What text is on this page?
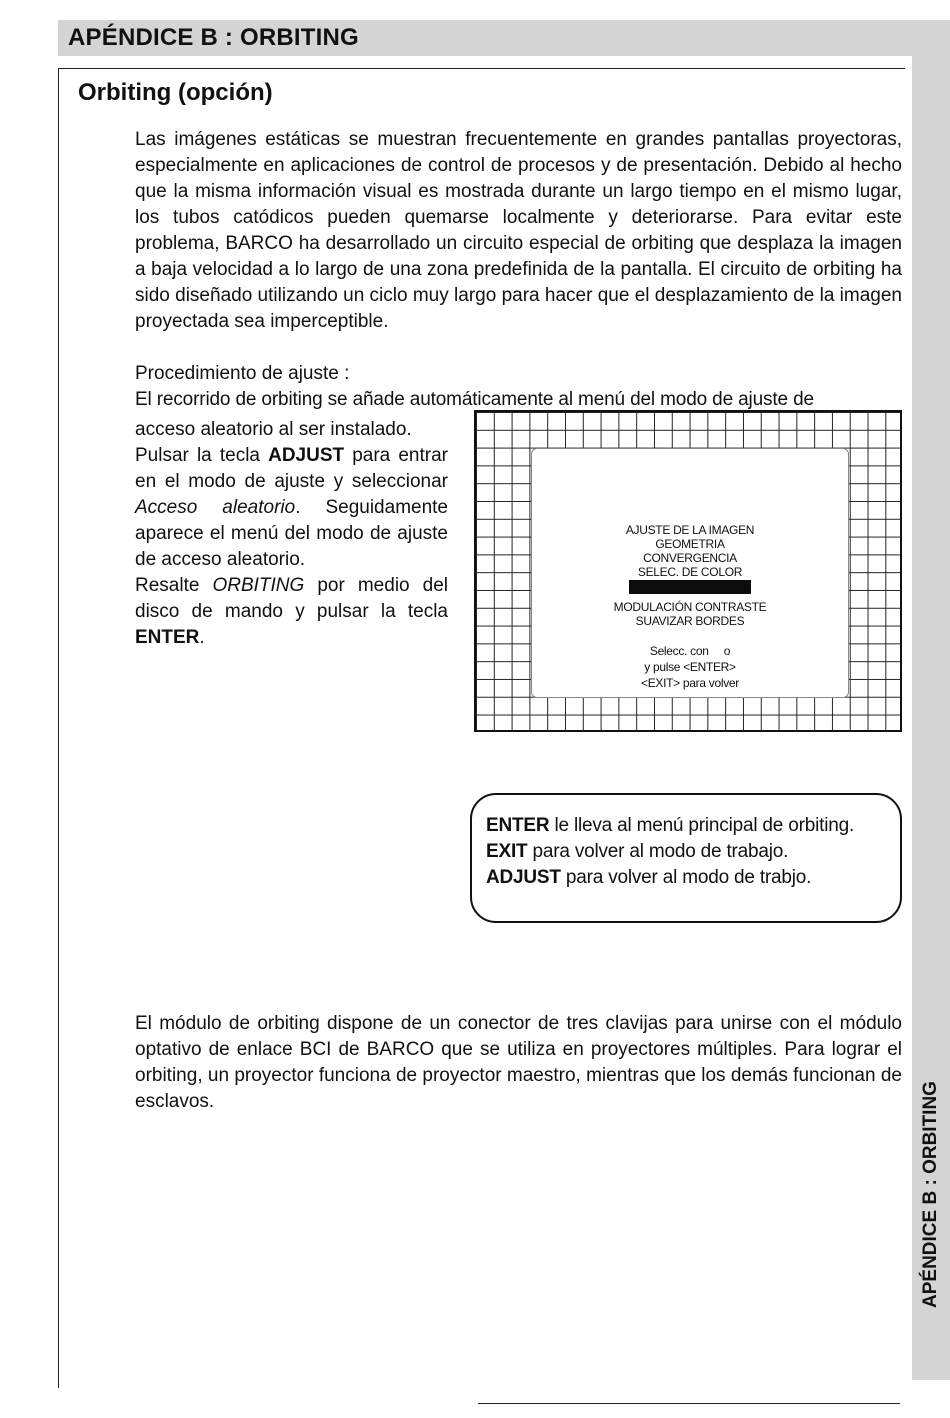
APÉNDICE B : ORBITING
APÉNDICE B : ORBITING
Orbiting (opción)

Las imágenes estáticas se muestran frecuentemente en grandes pantallas proyectoras, especialmente en aplicaciones de control de procesos y de presentación. Debido al hecho que la misma información visual es mostrada durante un largo tiempo en el mismo lugar, los tubos catódicos pueden quemarse localmente y deteriorarse. Para evitar este problema, BARCO ha desarrollado un circuito especial de orbiting que desplaza la imagen a baja velocidad a lo largo de una zona predefinida de la pantalla. El circuito de orbiting ha sido diseñado utilizando un ciclo muy largo para hacer que el desplazamiento de la imagen proyectada sea imperceptible.

Procedimiento de ajuste :
El recorrido de orbiting se añade automáticamente al menú del modo de ajuste de

acceso aleatorio al ser instalado.
Pulsar la tecla ADJUST para entrar en el modo de ajuste y seleccionar Acceso aleatorio. Seguidamente aparece el menú del modo de ajuste de acceso aleatorio.
Resalte ORBITING por medio del disco de mando y pulsar la tecla ENTER.

AJUSTE DE LA IMAGEN
GEOMETRIA
CONVERGENCIA
SELEC. DE COLOR
MODULACIÓN CONTRASTE
SUAVIZAR BORDES
Selecc. con     o
y pulse <ENTER>
<EXIT> para volver
ENTER le lleva al menú principal de orbiting.
EXIT para volver al modo de trabajo.
ADJUST para volver al modo de trabjo.

El módulo de orbiting dispone de un conector de tres clavijas para unirse con el módulo optativo de enlace BCI de BARCO que se utiliza en proyectores múltiples. Para lograr el orbiting, un proyector funciona de proyector maestro, mientras que los demás funcionan de esclavos.
